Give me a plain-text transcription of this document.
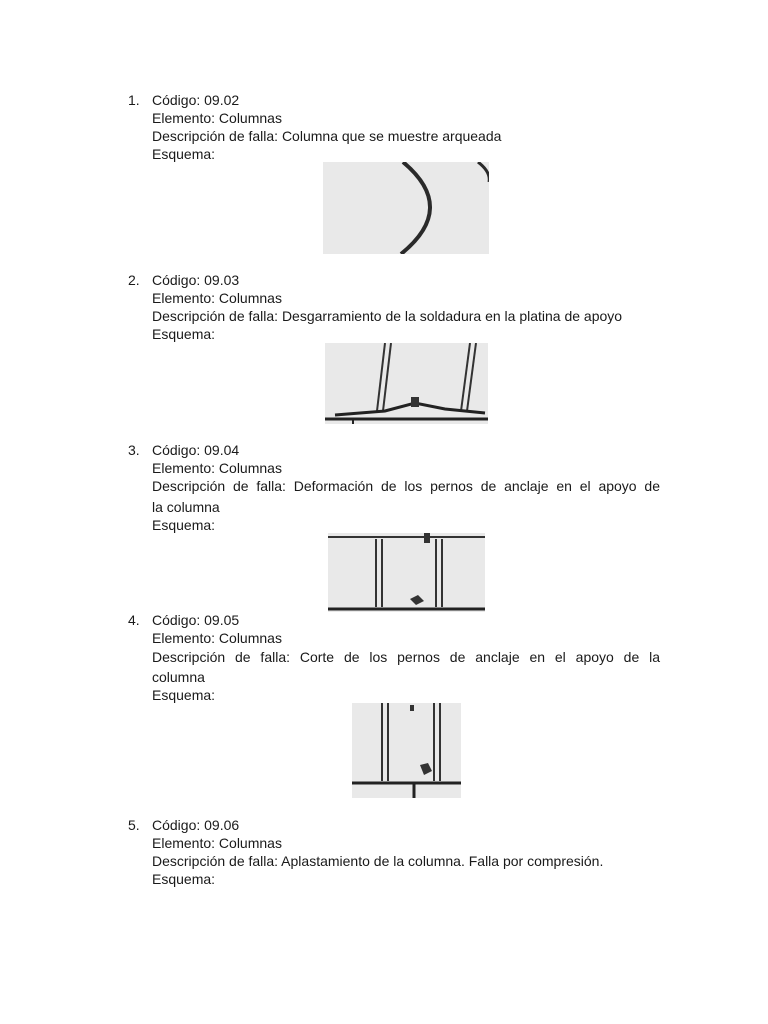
1. Código: 09.02
Elemento: Columnas
Descripción de falla: Columna que se muestre arqueada
Esquema:
2. Código: 09.03
Elemento: Columnas
Descripción de falla: Desgarramiento de la soldadura en la platina de apoyo
Esquema:
3. Código: 09.04
Elemento: Columnas
Descripción de falla: Deformación de los pernos de anclaje en el apoyo de
la columna
Esquema:
4. Código: 09.05
Elemento: Columnas
Descripción de falla: Corte de los pernos de anclaje en el apoyo de la
columna
Esquema:
5. Código: 09.06
Elemento: Columnas
Descripción de falla: Aplastamiento de la columna. Falla por compresión.
Esquema:
